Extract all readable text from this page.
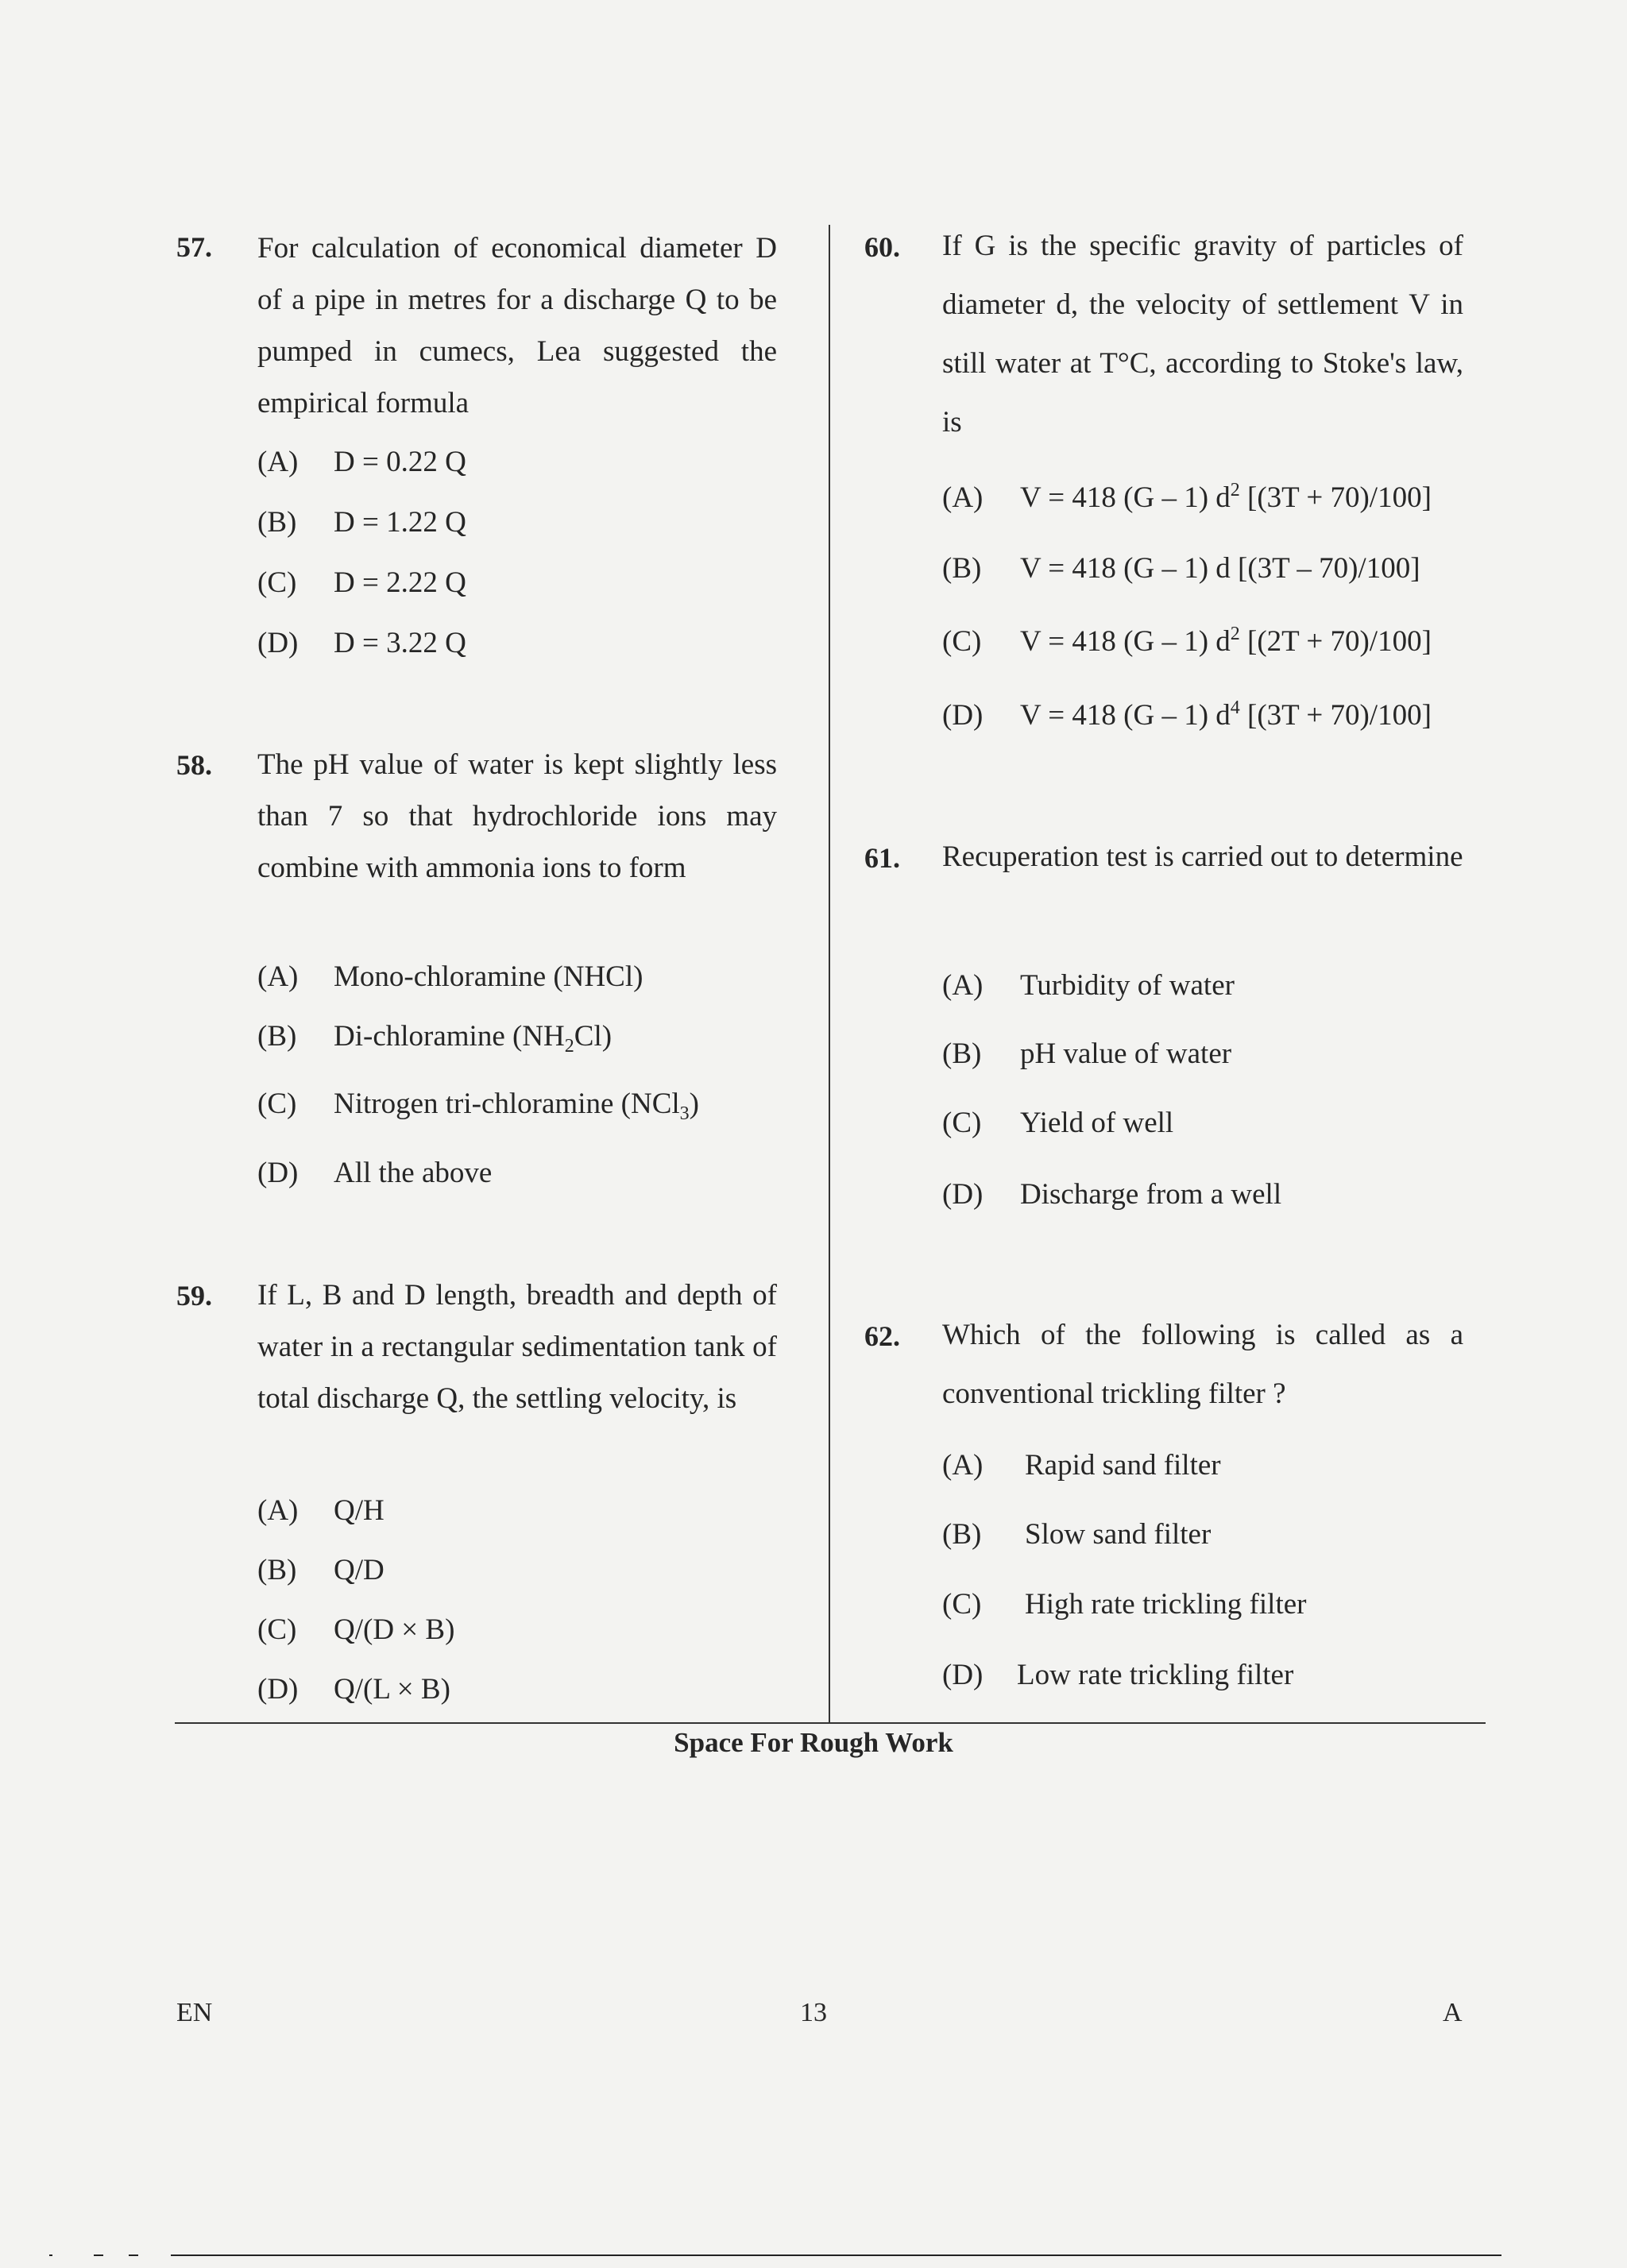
57. For calculation of economical diameter D of a pipe in metres for a discharge Q to be pumped in cumecs, Lea suggested the empirical formula
(A) D = 0.22 Q
(B) D = 1.22 Q
(C) D = 2.22 Q
(D) D = 3.22 Q
58. The pH value of water is kept slightly less than 7 so that hydrochloride ions may combine with ammonia ions to form
(A) Mono-chloramine (NHCl)
(B) Di-chloramine $(NH_2Cl)$
(C) Nitrogen tri-chloramine (NCl$_3$)
(D) All the above
59. If L, B and D length, breadth and depth of water in a rectangular sedimentation tank of total discharge Q, the settling velocity, is
(A) Q/H
(B) Q/D
(C) Q/(D × B)
(D) Q/(L × B)
60. If G is the specific gravity of particles of diameter d, the velocity of settlement V in still water at T°C, according to Stoke's law, is
(A) V = 418 (G – 1) $d^2$ [(3T + 70)/100]
(B) V = 418 (G – 1) d [(3T – 70)/100]
(C) V = 418 (G – 1) $d^2$ [(2T + 70)/100]
(D) V = 418 (G – 1) $d^4$ [(3T + 70)/100]
61. Recuperation test is carried out to determine
(A) Turbidity of water
(B) pH value of water
(C) Yield of well
(D) Discharge from a well
62. Which of the following is called as a conventional trickling filter ?
(A) Rapid sand filter
(B) Slow sand filter
(C) High rate trickling filter
(D) Low rate trickling filter
Space For Rough Work
EN	13	A
